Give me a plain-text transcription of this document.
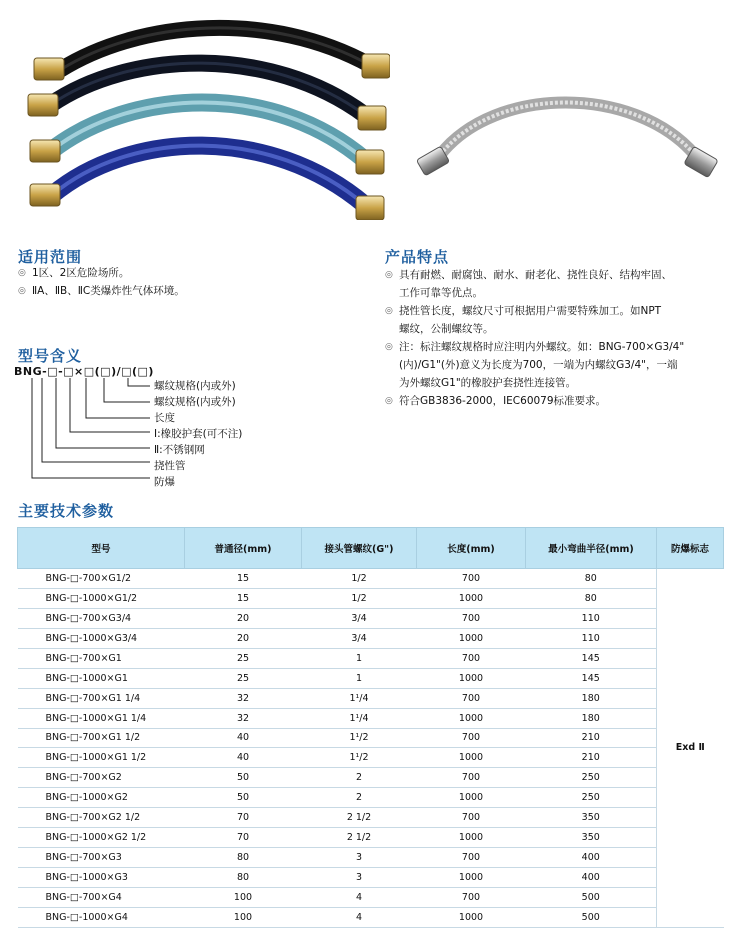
适用范围
◎ 1区、2区危险场所。
◎ ⅡA、ⅡB、ⅡC类爆炸性气体环境。
产品特点
◎ 具有耐燃、耐腐蚀、耐水、耐老化、挠性良好、结构牢固、
工作可靠等优点。
◎ 挠性管长度，螺纹尺寸可根据用户需要特殊加工。如NPT
螺纹，公制螺纹等。
◎ 注：标注螺纹规格时应注明内外螺纹。如：BNG-700×G3/4"
(内)/G1"(外)意义为长度为700，一端为内螺纹G3/4"，一端
为外螺纹G1"的橡胶护套挠性连接管。
◎ 符合GB3836-2000，IEC60079标准要求。
型号含义
BNG-□-□×□(□)/□(□)
螺纹规格(内或外)
螺纹规格(内或外)
长度
Ⅰ:橡胶护套(可不注)
Ⅱ:不锈钢网
挠性管
防爆
主要技术参数
型号	普通径(mm)	接头管螺纹(G")	长度(mm)	最小弯曲半径(mm)	防爆标志
BNG-□-700×G1/2	15	1/2	700	80	Exd Ⅱ
BNG-□-1000×G1/2	15	1/2	1000	80	
BNG-□-700×G3/4	20	3/4	700	110	
BNG-□-1000×G3/4	20	3/4	1000	110	
BNG-□-700×G1	25	1	700	145	
BNG-□-1000×G1	25	1	1000	145	
BNG-□-700×G1 1/4	32	1¹/4	700	180	
BNG-□-1000×G1 1/4	32	1¹/4	1000	180	
BNG-□-700×G1 1/2	40	1¹/2	700	210	
BNG-□-1000×G1 1/2	40	1¹/2	1000	210	
BNG-□-700×G2	50	2	700	250	
BNG-□-1000×G2	50	2	1000	250	
BNG-□-700×G2 1/2	70	2 1/2	700	350	
BNG-□-1000×G2 1/2	70	2 1/2	1000	350	
BNG-□-700×G3	80	3	700	400	
BNG-□-1000×G3	80	3	1000	400	
BNG-□-700×G4	100	4	700	500	
BNG-□-1000×G4	100	4	1000	500	
